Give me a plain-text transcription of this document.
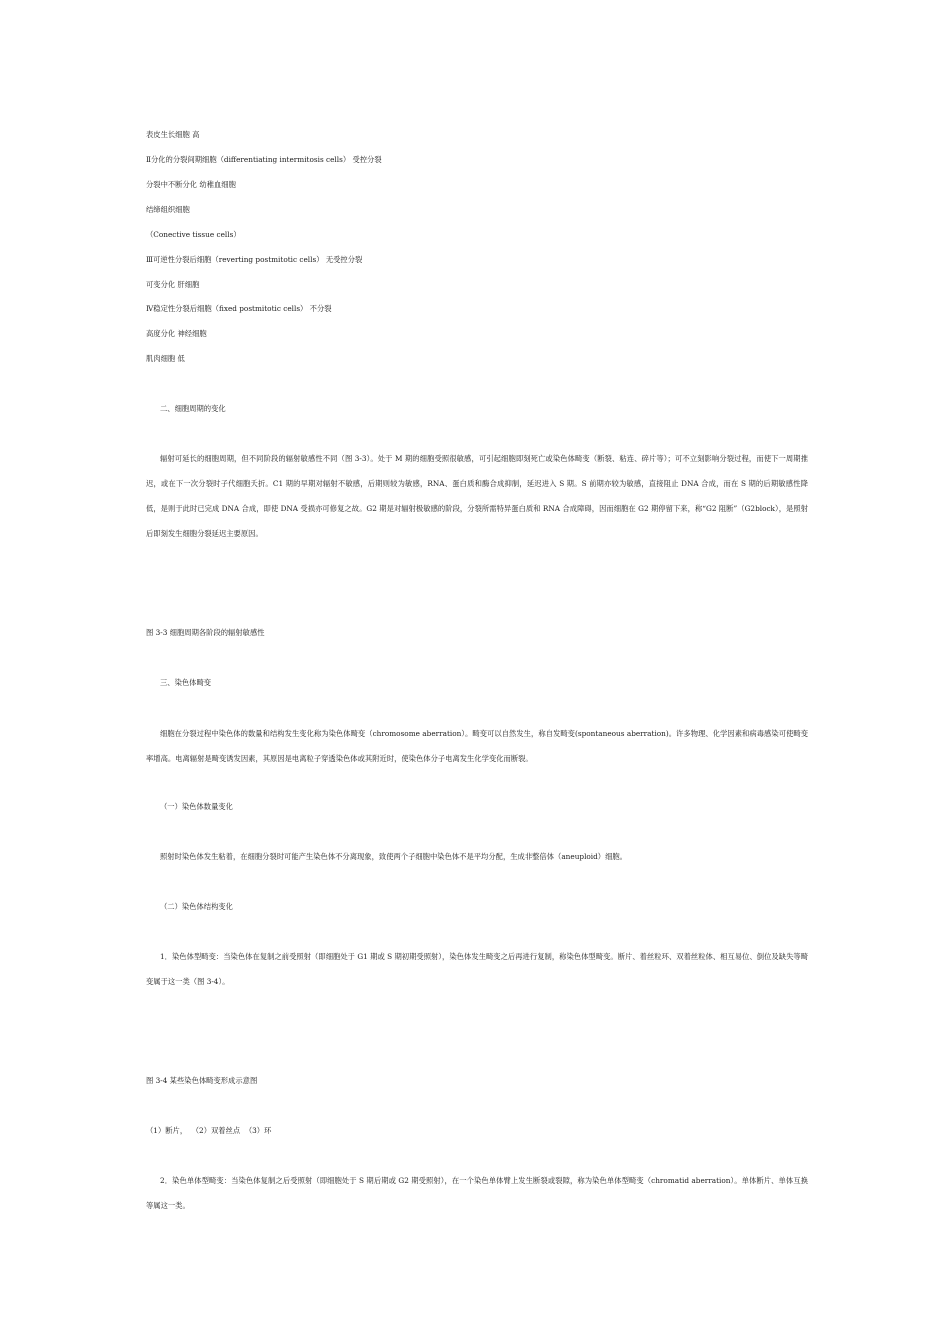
表皮生长细胞 高
Ⅱ分化的分裂间期细胞（differentiating intermitosis cells） 受控分裂
分裂中不断分化 幼稚血细胞
结缔组织细胞
（Conective tissue cells）
Ⅲ可逆性分裂后细胞（reverting postmitotic cells） 无受控分裂
可变分化 肝细胞
Ⅳ稳定性分裂后细胞（fixed postmitotic cells） 不分裂
高度分化 神经细胞
肌肉细胞 低
二、细胞周期的变化
辐射可延长的细胞周期，但不同阶段的辐射敏感性不同（图 3-3）。处于 M 期的细胞受照很敏感，可引起细胞即刻死亡或染色体畸变（断裂、粘连、碎片等）；可不立刻影响分裂过程，而使下一周期推迟，或在下一次分裂时子代细胞夭折。C1 期的早期对辐射不敏感，后期则较为敏感，RNA、蛋白质和酶合成抑制，延迟进入 S 期。S 前期亦较为敏感，直接阻止 DNA 合成，而在 S 期的后期敏感性降低，是则于此时已完成 DNA 合成，即使 DNA 受损亦可修复之故。G2 期是对辐射极敏感的阶段，分裂所需特异蛋白质和 RNA 合成障碍，因而细胞在 G2 期停留下来，称“G2 阻断”（G2block），是照射后即刻发生细胞分裂延迟主要原因。
图 3-3 细胞周期各阶段的辐射敏感性
三、染色体畸变
细胞在分裂过程中染色体的数量和结构发生变化称为染色体畸变（chromosome aberration）。畸变可以自然发生，称自发畸变(spontaneous aberration)。许多物理、化学因素和病毒感染可使畸变率增高。电离辐射是畸变诱发因素，其原因是电离粒子穿透染色体或其附近时，使染色体分子电离发生化学变化而断裂。
（一）染色体数量变化
照射时染色体发生粘着，在细胞分裂时可能产生染色体不分离现象，致使两个子细胞中染色体不是平均分配，生成非整倍体（aneuploid）细胞。
（二）染色体结构变化
1．染色体型畸变：当染色体在复制之前受照射（即细胞处于 G1 期或 S 期初期受照射），染色体发生畸变之后再进行复制，称染色体型畸变。断片、着丝粒环、双着丝粒体、相互易位、倒位及缺失等畸变属于这一类（图 3-4）。
图 3-4 某些染色体畸变形成示意图
（1）断片，  （2）双着丝点  （3）环
2．染色单体型畸变：当染色体复制之后受照射（即细胞处于 S 期后期或 G2 期受照射），在一个染色单体臂上发生断裂或裂隙，称为染色单体型畸变（chromatid aberration）。单体断片、单体互换等属这一类。
